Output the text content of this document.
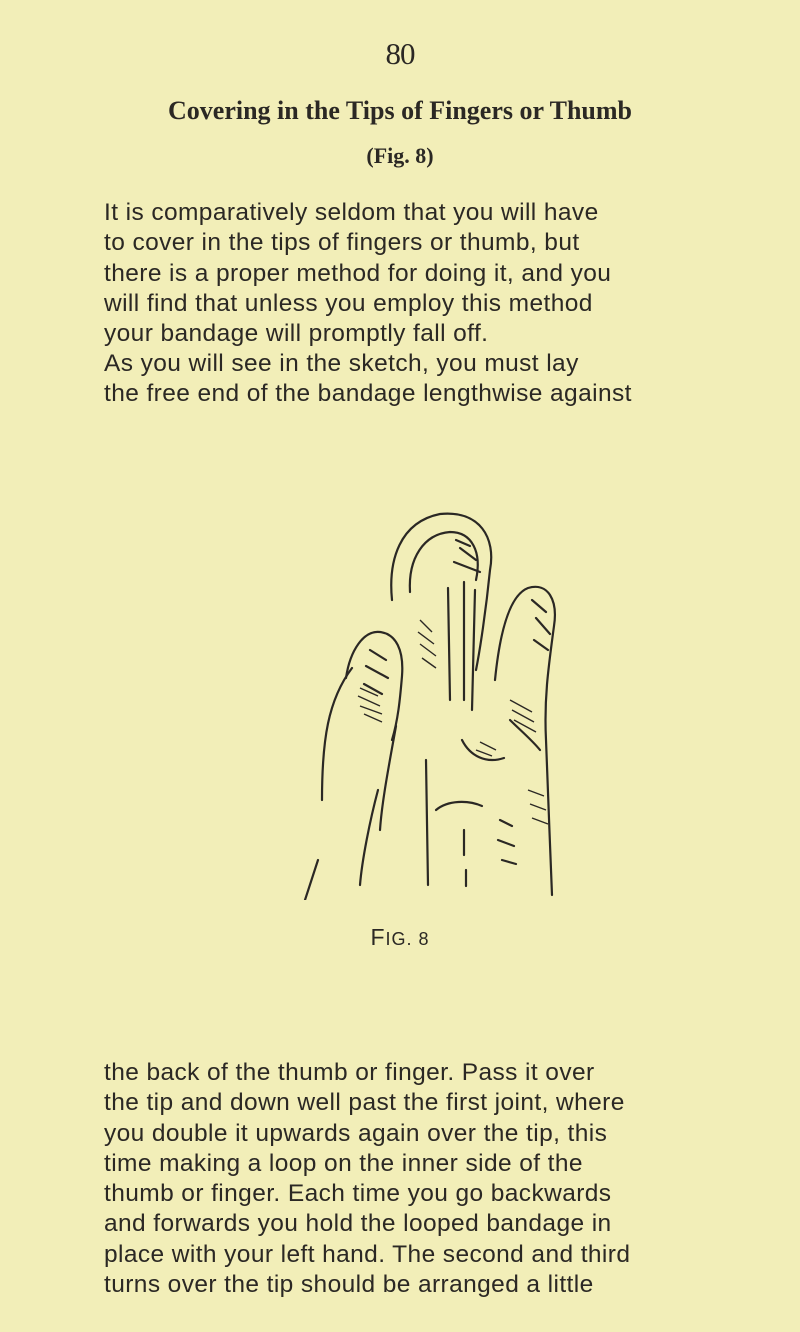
80
Covering in the Tips of Fingers or Thumb
(Fig. 8)
It is comparatively seldom that you will have
to cover in the tips of fingers or thumb, but
there is a proper method for doing it, and you
will find that unless you employ this method
your bandage will promptly fall off.
As you will see in the sketch, you must lay
the free end of the bandage lengthwise against
FIG. 8
the back of the thumb or finger. Pass it over
the tip and down well past the first joint, where
you double it upwards again over the tip, this
time making a loop on the inner side of the
thumb or finger. Each time you go backwards
and forwards you hold the looped bandage in
place with your left hand. The second and third
turns over the tip should be arranged a little
